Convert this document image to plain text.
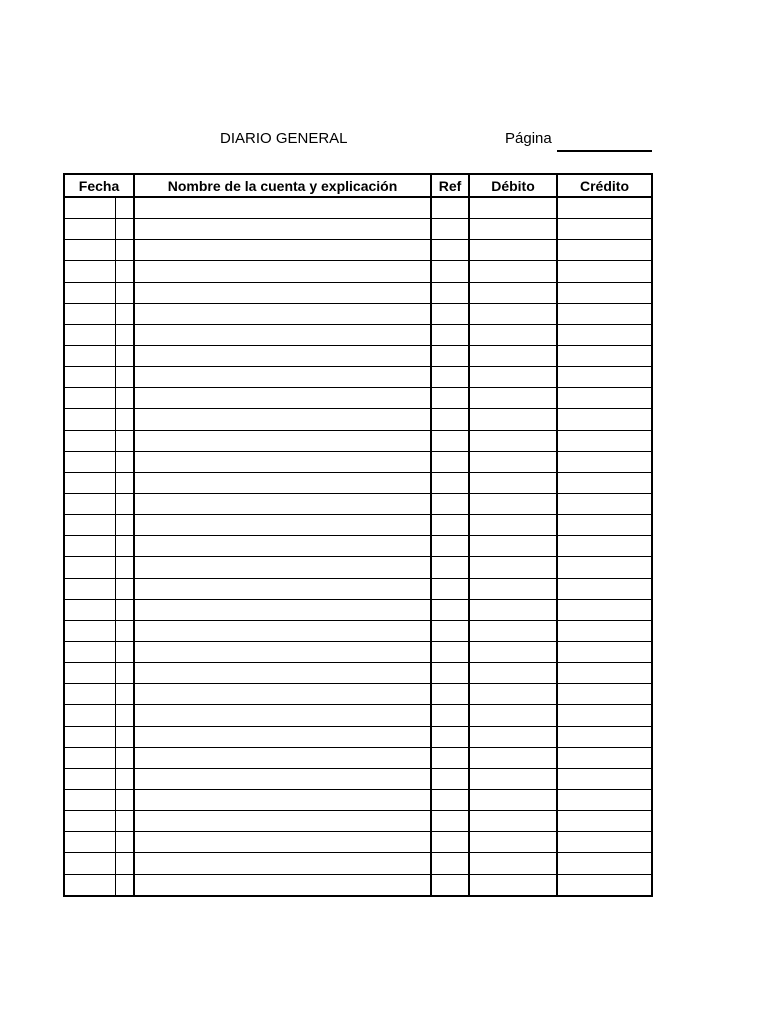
DIARIO GENERAL	Página
Fecha		Nombre de la cuenta y explicación	Ref	Débito	Crédito
